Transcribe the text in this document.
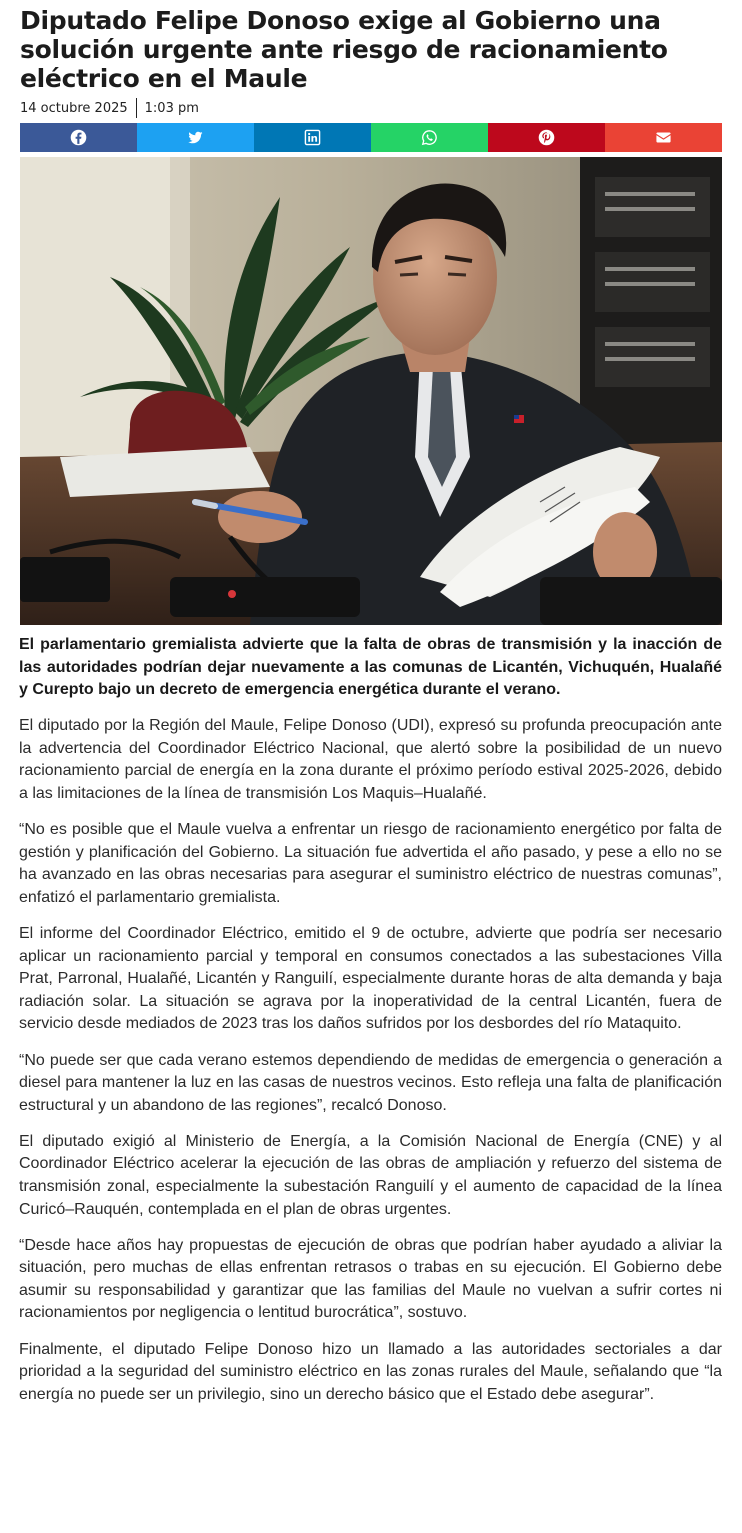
Diputado Felipe Donoso exige al Gobierno una solución urgente ante riesgo de racionamiento eléctrico en el Maule
14 octubre 2025 1:03 pm

El parlamentario gremialista advierte que la falta de obras de transmisión y la inacción de las autoridades podrían dejar nuevamente a las comunas de Licantén, Vichuquén, Hualañé y Curepto bajo un decreto de emergencia energética durante el verano.

El diputado por la Región del Maule, Felipe Donoso (UDI), expresó su profunda preocupación ante la advertencia del Coordinador Eléctrico Nacional, que alertó sobre la posibilidad de un nuevo racionamiento parcial de energía en la zona durante el próximo período estival 2025-2026, debido a las limitaciones de la línea de transmisión Los Maquis–Hualañé.

“No es posible que el Maule vuelva a enfrentar un riesgo de racionamiento energético por falta de gestión y planificación del Gobierno. La situación fue advertida el año pasado, y pese a ello no se ha avanzado en las obras necesarias para asegurar el suministro eléctrico de nuestras comunas”, enfatizó el parlamentario gremialista.

El informe del Coordinador Eléctrico, emitido el 9 de octubre, advierte que podría ser necesario aplicar un racionamiento parcial y temporal en consumos conectados a las subestaciones Villa Prat, Parronal, Hualañé, Licantén y Ranguilí, especialmente durante horas de alta demanda y baja radiación solar. La situación se agrava por la inoperatividad de la central Licantén, fuera de servicio desde mediados de 2023 tras los daños sufridos por los desbordes del río Mataquito.

“No puede ser que cada verano estemos dependiendo de medidas de emergencia o generación a diesel para mantener la luz en las casas de nuestros vecinos. Esto refleja una falta de planificación estructural y un abandono de las regiones”, recalcó Donoso.

El diputado exigió al Ministerio de Energía, a la Comisión Nacional de Energía (CNE) y al Coordinador Eléctrico acelerar la ejecución de las obras de ampliación y refuerzo del sistema de transmisión zonal, especialmente la subestación Ranguilí y el aumento de capacidad de la línea Curicó–Rauquén, contemplada en el plan de obras urgentes.

“Desde hace años hay propuestas de ejecución de obras que podrían haber ayudado a aliviar la situación, pero muchas de ellas enfrentan retrasos o trabas en su ejecución. El Gobierno debe asumir su responsabilidad y garantizar que las familias del Maule no vuelvan a sufrir cortes ni racionamientos por negligencia o lentitud burocrática”, sostuvo.

Finalmente, el diputado Felipe Donoso hizo un llamado a las autoridades sectoriales a dar prioridad a la seguridad del suministro eléctrico en las zonas rurales del Maule, señalando que “la energía no puede ser un privilegio, sino un derecho básico que el Estado debe asegurar”.
